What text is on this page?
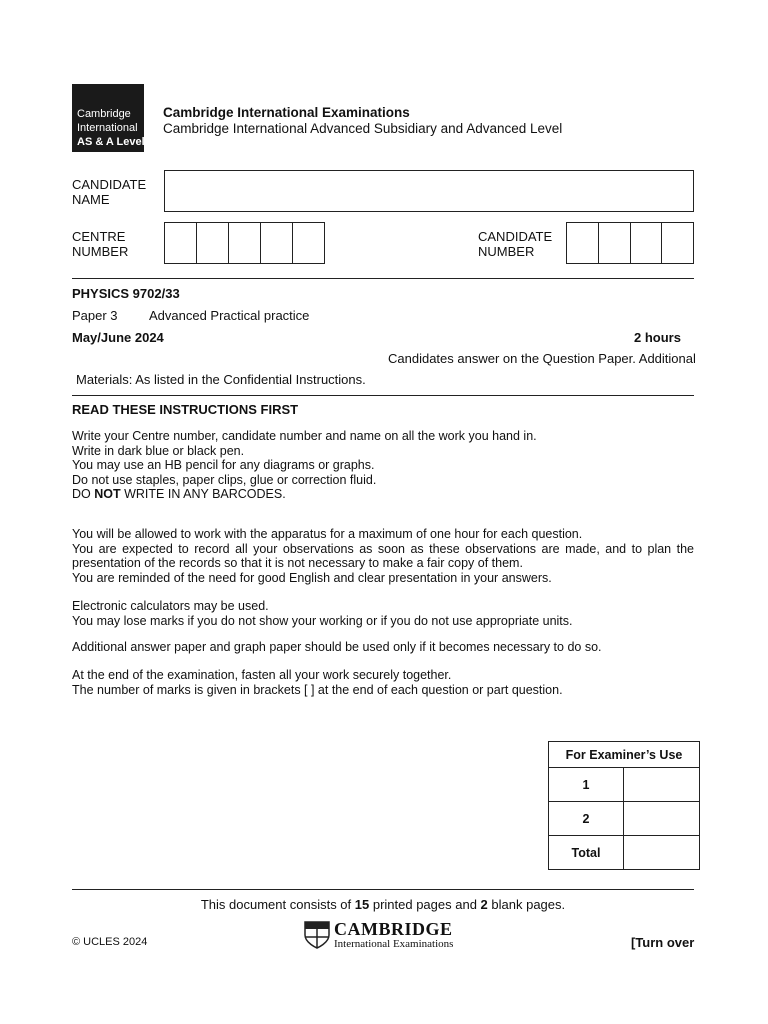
Cambridge
International
AS & A Level
Cambridge International Examinations
Cambridge International Advanced Subsidiary and Advanced Level
CANDIDATE NAME
CENTRE NUMBER
CANDIDATE NUMBER
PHYSICS 9702/33
Paper 3 Advanced Practical practice
May/June 2024	2 hours
Candidates answer on the Question Paper. Additional
Materials: As listed in the Confidential Instructions.
READ THESE INSTRUCTIONS FIRST

Write your Centre number, candidate number and name on all the work you hand in.

Write in dark blue or black pen.

You may use an HB pencil for any diagrams or graphs.

Do not use staples, paper clips, glue or correction fluid.

DO NOT WRITE IN ANY BARCODES.

You will be allowed to work with the apparatus for a maximum of one hour for each question.

You are expected to record all your observations as soon as these observations are made, and to plan the presentation of the records so that it is not necessary to make a fair copy of them.

You are reminded of the need for good English and clear presentation in your answers.

Electronic calculators may be used.

You may lose marks if you do not show your working or if you do not use appropriate units.

Additional answer paper and graph paper should be used only if it becomes necessary to do so.

At the end of the examination, fasten all your work securely together.

The number of marks is given in brackets [ ] at the end of each question or part question.

For Examiner’s Use	
1	
2	
Total	
This document consists of 15 printed pages and 2 blank pages.
© UCLES 2024
CAMBRIDGE
International Examinations	[Turn over
